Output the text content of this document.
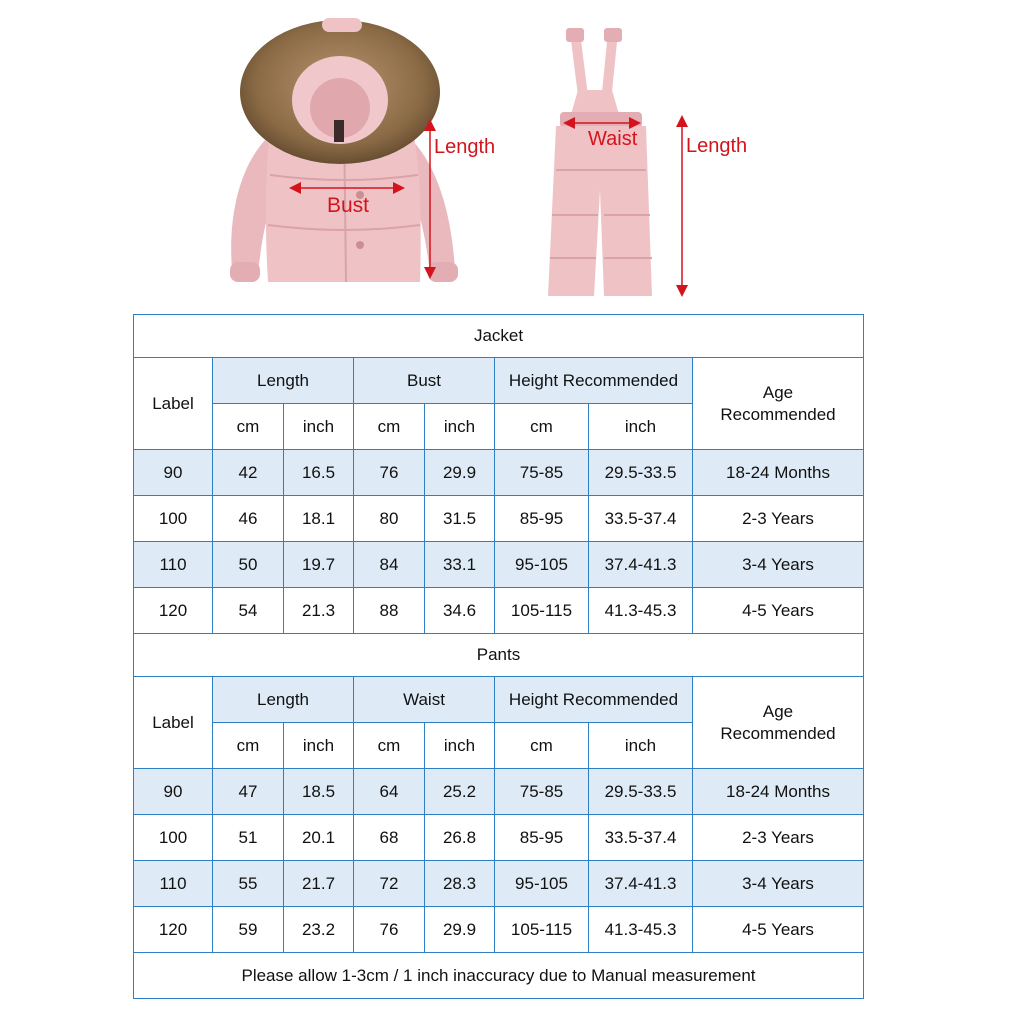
Length
Bust
Waist Length
Jacket							
Label	Length		Bust		Height Recommended		Age Recommended
	cm	inch	cm	inch	cm	inch	
90	42	16.5	76	29.9	75-85	29.5-33.5	18-24 Months
100	46	18.1	80	31.5	85-95	33.5-37.4	2-3 Years
110	50	19.7	84	33.1	95-105	37.4-41.3	3-4 Years
120	54	21.3	88	34.6	105-115	41.3-45.3	4-5 Years
Pants							
Label	Length		Waist		Height Recommended		Age Recommended
	cm	inch	cm	inch	cm	inch	
90	47	18.5	64	25.2	75-85	29.5-33.5	18-24 Months
100	51	20.1	68	26.8	85-95	33.5-37.4	2-3 Years
110	55	21.7	72	28.3	95-105	37.4-41.3	3-4 Years
120	59	23.2	76	29.9	105-115	41.3-45.3	4-5 Years
Please allow 1-3cm / 1 inch inaccuracy due to Manual measurement							
